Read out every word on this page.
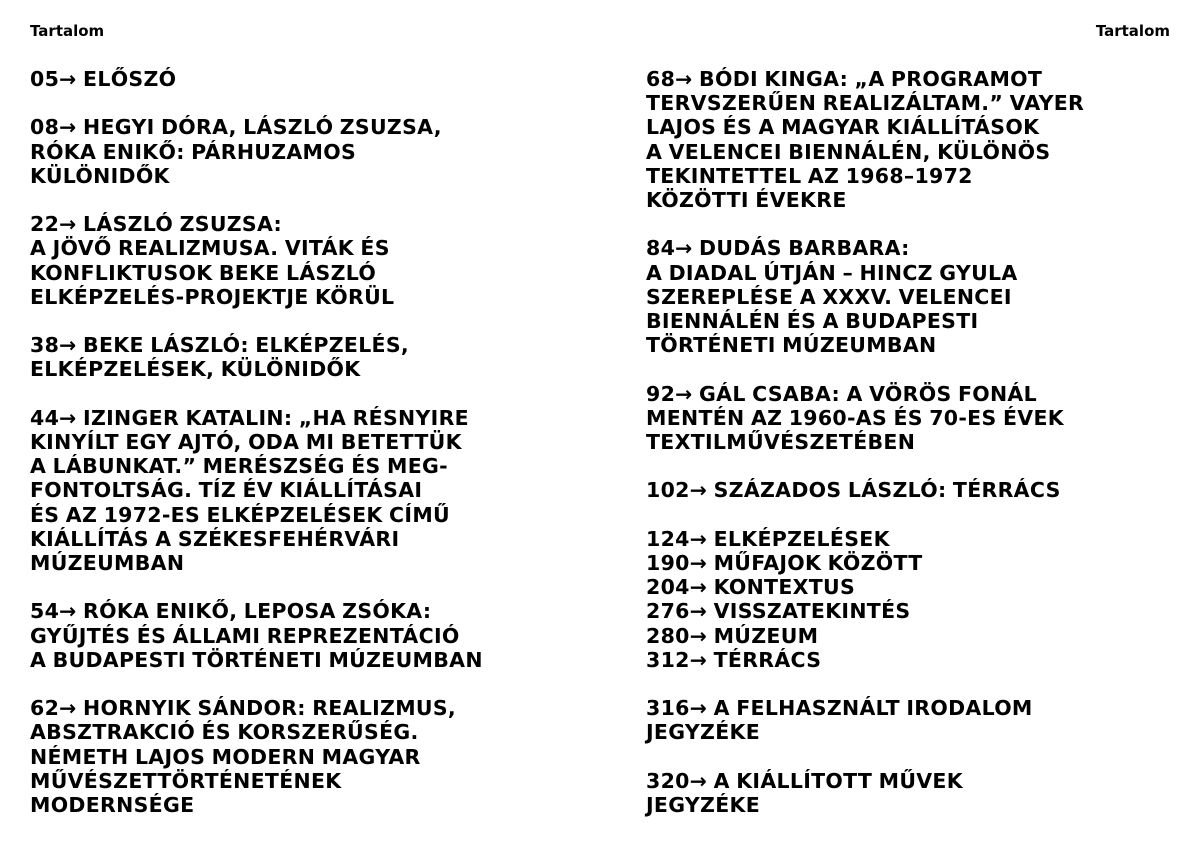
Tartalom	Tartalom
05→ ELŐSZÓ
08→ HEGYI DÓRA, LÁSZLÓ ZSUZSA,
RÓKA ENIKŐ: PÁRHUZAMOS
KÜLÖNIDŐK
22→ LÁSZLÓ ZSUZSA:
A JÖVŐ REALIZMUSA. VITÁK ÉS
KONFLIKTUSOK BEKE LÁSZLÓ
ELKÉPZELÉS-PROJEKTJE KÖRÜL
38→ BEKE LÁSZLÓ: ELKÉPZELÉS,
ELKÉPZELÉSEK, KÜLÖNIDŐK
44→ IZINGER KATALIN: „HA RÉSNYIRE
KINYÍLT EGY AJTÓ, ODA MI BETETTÜK
A LÁBUNKAT.” MERÉSZSÉG ÉS MEG-
FONTOLTSÁG. TÍZ ÉV KIÁLLÍTÁSAI
ÉS AZ 1972-ES ELKÉPZELÉSEK CÍMŰ
KIÁLLÍTÁS A SZÉKESFEHÉRVÁRI
MÚZEUMBAN
54→ RÓKA ENIKŐ, LEPOSA ZSÓKA:
GYŰJTÉS ÉS ÁLLAMI REPREZENTÁCIÓ
A BUDAPESTI TÖRTÉNETI MÚZEUMBAN
62→ HORNYIK SÁNDOR: REALIZMUS,
ABSZTRAKCIÓ ÉS KORSZERŰSÉG.
NÉMETH LAJOS MODERN MAGYAR
MŰVÉSZETTÖRTÉNETÉNEK
MODERNSÉGE
68→ BÓDI KINGA: „A PROGRAMOT
TERVSZERŰEN REALIZÁLTAM.” VAYER
LAJOS ÉS A MAGYAR KIÁLLÍTÁSOK
A VELENCEI BIENNÁLÉN, KÜLÖNÖS
TEKINTETTEL AZ 1968–1972
KÖZÖTTI ÉVEKRE
84→ DUDÁS BARBARA:
A DIADAL ÚTJÁN – HINCZ GYULA
SZEREPLÉSE A XXXV. VELENCEI
BIENNÁLÉN ÉS A BUDAPESTI
TÖRTÉNETI MÚZEUMBAN
92→ GÁL CSABA: A VÖRÖS FONÁL
MENTÉN AZ 1960-AS ÉS 70-ES ÉVEK
TEXTILMŰVÉSZETÉBEN
102→ SZÁZADOS LÁSZLÓ: TÉRRÁCS
124→ ELKÉPZELÉSEK
190→ MŰFAJOK KÖZÖTT
204→ KONTEXTUS
276→ VISSZATEKINTÉS
280→ MÚZEUM
312→ TÉRRÁCS
316→ A FELHASZNÁLT IRODALOM
JEGYZÉKE
320→ A KIÁLLÍTOTT MŰVEK
JEGYZÉKE
